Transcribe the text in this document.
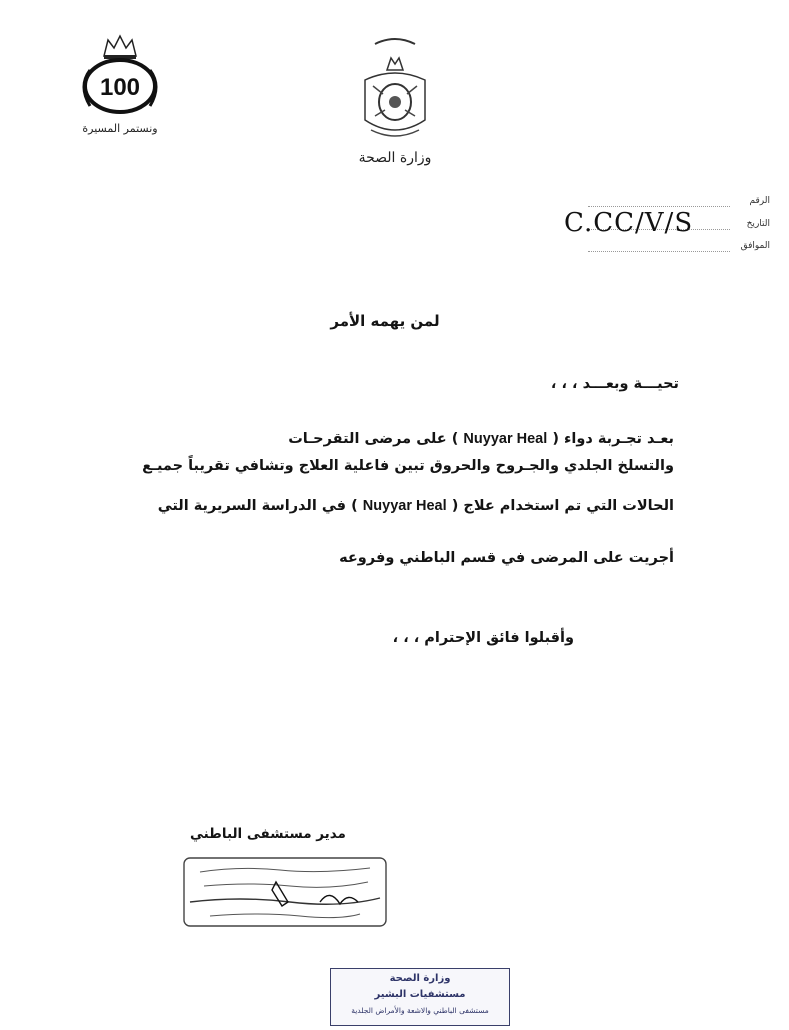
100
ونستمر المسيرة
وزارة الصحة
الرقم
التاريخ
الموافق
C.CC/V/S
لمن يهمه الأمر
تحيـــة وبعـــد ، ، ،
بعـد تجـربة دواء ( Nuyyar Heal ) على مرضى التقرحـات
والتسلخ الجلدي والجـروح والحروق تبين فاعلية العلاج وتشافي تقريباً جميـع
الحالات التي تم استخدام علاج ( Nuyyar Heal ) في الدراسة السريرية التي
أجريت على المرضى في قسم الباطني وفروعه
وأقبلوا فائق الإحترام ، ، ،
مدير مستشفى الباطني
وزارة الصحة
مستشفيات البشير
مستشفى الباطني والاشعة والأمراض الجلدية
